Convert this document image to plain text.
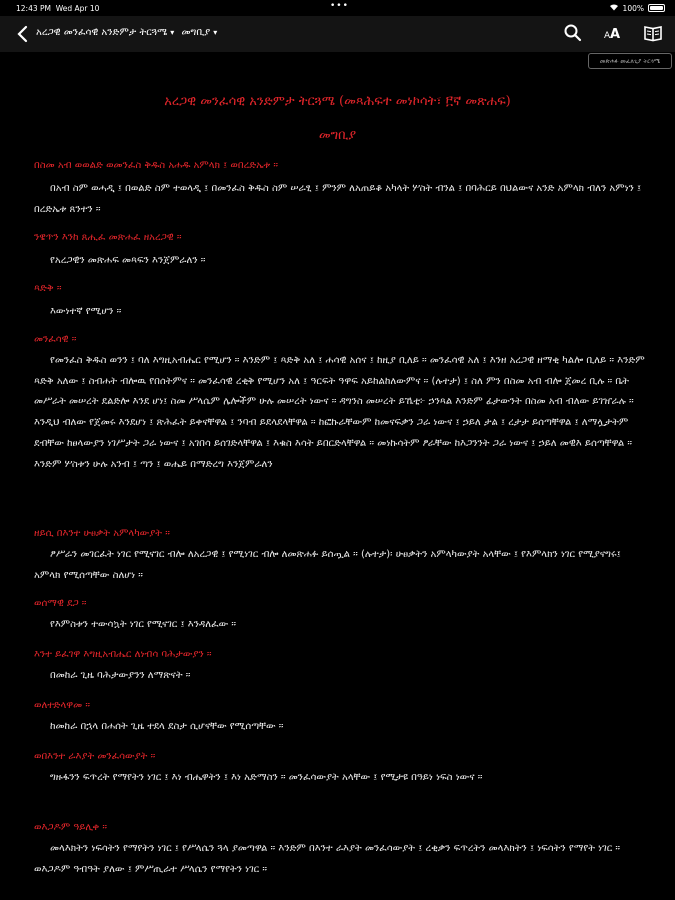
12:43 PM Wed Apr 10	•••	100%
አረጋዊ መንፈሳዊ አንድምታ ትርጓሜ ▾ መግቢያ ▾	A A
መጽሐፉ መፈለጊያ ትርጓሜ
አረጋዊ መንፈሳዊ አንድምታ ትርጓሜ (መጻሕፍተ መነኮሳት፣ ፫ኛ መጽሐፍ)
መግቢያ
በስመ አብ ወወልድ ወመንፈስ ቅዱስ አሐዱ አምላክ ፤ ወበረድኤቱ ።
በአብ ስም ወሓዲ ፤ በወልድ ስም ተወላዲ ፤ በመንፈስ ቅዱስ ስም ሠራፂ ፤ ምንም ለአጠይቆ አካላት ሦስት ብንል ፤ በባሕርይ በህልውና አንድ አምላክ ብለን አምነን ፤ በረድኤቱ ጸንተን ።
ንዌጥን እንከ ጸሒፈ መጽሐፈ ዘአረጋዊ ።
የአረጋዊን መጽሐፍ መጻፍን እንጀምራለን ።
ጻድቅ ።
እውነተኛ የሚሆን ።
መንፈሳዊ ።
የመንፈስ ቅዱስ ወንን ፤ ባለ እግዚአብሔር የሚሆን ። እንድም ፤ ጻድቅ አለ ፤ ሐሳዊ አሰና ፤ ከዚያ ቢለይ ። መንፈሳዊ አለ ፤ እንዘ አረጋዊ ዘማቂ ካልሎ ቢለይ ። እንድም ጻድቅ አለው ፤ ስብሐት ብሎዉ የበሰትምና ። መንፈሳዊ ረቂቅ የሚሆን አለ ፤ ዓርፍት ዓዋፍ አይከልከለውምና ። (ሉተታ) ፤ ስለ ምን በስመ አብ ብሎ ጀመረ ቢሉ ። ቤት መሥራት መሠረት ደልድሎ እንደ ሆነ፤ ስመ ሥላሴም ሌሎችም ሁሉ መሠረት ነውና ። ዳግንስ መሠረት ይኼቲ፦ ኃንጻል እንድም ፊታውንት በስመ አብ ብለው ይገዠራሉ ። እንዲህ ብለው የጀመሩ እንደሆነ ፤ ጽሕፈት ይቀናቸዋል ፤ ንባብ ይደላደላቸዋል ። ከፎኩራቸውም ከመናፍቃን ጋራ ነውና ፤ ኃይለ ታል ፤ ረታታ ይሰጣቸዋል ፤ ለማሏታትም ደብቸው ከፀላውያን ነገሥታት ጋራ ነውና ፤ አገበሳ ይሰገድላቸዋል ፤ እቁስ እሳት ይበርድላቸዋል ። መነኩሳትም ፆራቸው ከእጋንንት ጋራ ነውና ፤ ኃይለ መዊእ ይሰጣቸዋል ። እንድም ሦስቱን ሁሉ አንብ ፤ ጣን ፤ ወሔይ በማድረግ እንጀምራለን
ዘይሲ በእንተ ሁፀቃት አምላካውያት ።
ፆሥራን መገርፈት ነገር የሚናገር ብሎ ለአረጋዊ ፤ የሚነገር ብሎ ለመጽሐፉ ይሰጧል ። (ሉተታ)፡ ሁፀቃትን አምላካውያት አላቸው ፤ የእምላክን ነገር የሚያናግሩ፤ አምላክ የሚሰጣቸው ስለሆነ ።
ወሰማዊ ደጋ ።
የእምስቱን ተውሳኳት ነገር የሚናገር ፤ እንዳለፈው ።
እንተ ይፈገዋ እግዚአብሔር ለነብሳ ባሕታውያን ።
በመከራ ጊዜ ባሕታውያንን ለማጽናት ።
ወለተድላዋመ ።
ከመከራ በኋላ በሐሰት ጊዜ ተደላ ደስታ ሲሆናቸው የሚሰጣቸው ።
ወበእንተ ራእያት መንፈሳውያት ።
ግዙፋንን ፍጥረት የማየትን ነገር ፤ እነ ብሔዋትን ፤ እነ አድማስን ። መንፈሳውያት አላቸው ፤ የሚታዩ በዓይነ ነፍስ ነውና ።
ወእጋዶም ዓይሊቀ ።
መላእክትን ነፍሳትን የማየትን ነገር ፤ የሥላሴን ጓላ ያመጣዋል ። እንድም በእንተ ራእያት መንፈሳውያት ፤ ረቂቃን ፍጥረትን መላእክትን ፤ ነፍሳትን የማየት ነገር ። ወእጋዶም ዓብዓት ያለው ፤ ምሥጢራተ ሥላሴን የማየትን ነገር ።
